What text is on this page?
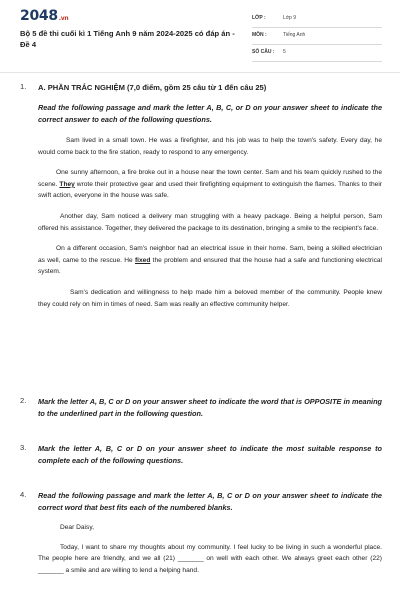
2048.vn
Bộ 5 đề thi cuối kì 1 Tiếng Anh 9 năm 2024-2025 có đáp án - Đề 4
LỚP :	Lớp 9
MÔN :	Tiếng Anh
SỐ CÂU : 5
1. A. PHẦN TRẮC NGHIỆM (7,0 điểm, gồm 25 câu từ 1 đến câu 25)
Read the following passage and mark the letter A, B, C, or D on your answer sheet to indicate the correct answer to each of the following questions.

Sam lived in a small town. He was a firefighter, and his job was to help the town's safety. Every day, he would come back to the fire station, ready to respond to any emergency.

One sunny afternoon, a fire broke out in a house near the town center. Sam and his team quickly rushed to the scene. They wrote their protective gear and used their firefighting equipment to extinguish the flames. Thanks to their swift action, everyone in the house was safe.

Another day, Sam noticed a delivery man struggling with a heavy package. Being a helpful person, Sam offered his assistance. Together, they delivered the package to its destination, bringing a smile to the recipient's face.

On a different occasion, Sam's neighbor had an electrical issue in their home. Sam, being a skilled electrician as well, came to the rescue. He fixed the problem and ensured that the house had a safe and functioning electrical system.

Sam's dedication and willingness to help made him a beloved member of the community. People knew they could rely on him in times of need. Sam was really an effective community helper.

2. Mark the letter A, B, C or D on your answer sheet to indicate the word that is OPPOSITE in meaning to the underlined part in the following question.
3. Mark the letter A, B, C or D on your answer sheet to indicate the most suitable response to complete each of the following questions.
4. Read the following passage and mark the letter A, B, C or D on your answer sheet to indicate the correct word that best fits each of the numbered blanks.

Dear Daisy,

Today, I want to share my thoughts about my community. I feel lucky to be living in such a wonderful place. The people here are friendly, and we all (21) _______ on well with each other. We always greet each other (22) _______ a smile and are willing to lend a helping hand.
